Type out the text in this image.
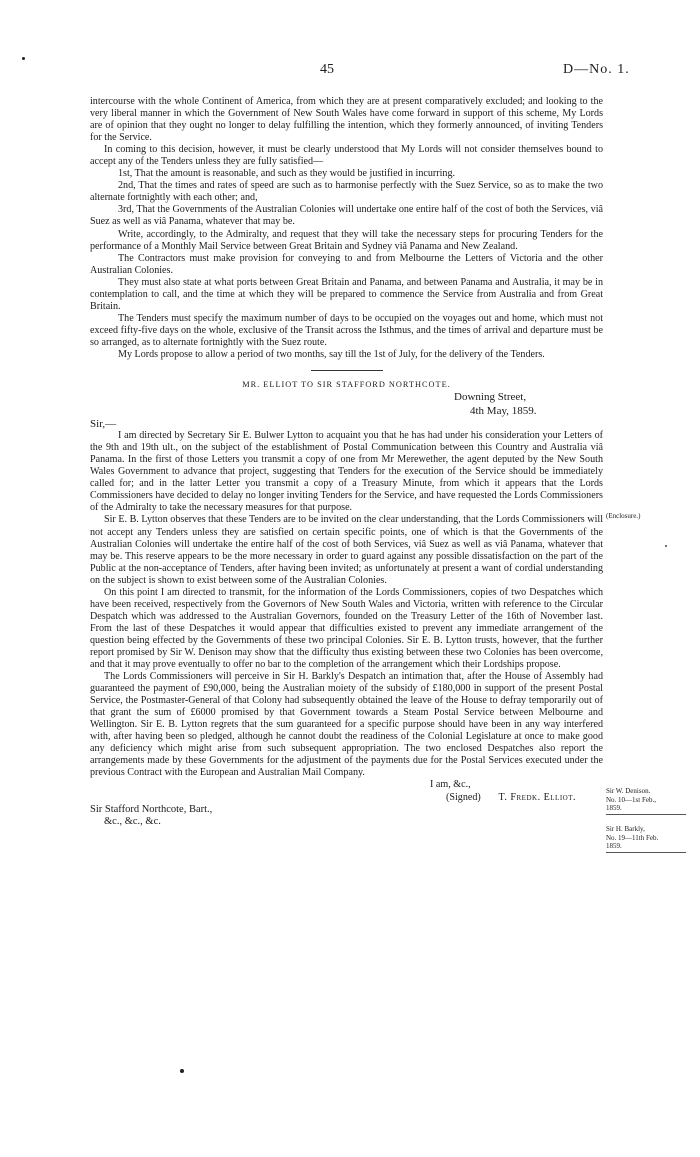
45	D—No. 1.

intercourse with the whole Continent of America, from which they are at present comparatively excluded; and looking to the very liberal manner in which the Government of New South Wales have come forward in support of this scheme, My Lords are of opinion that they ought no longer to delay fulfilling the intention, which they formerly announced, of inviting Tenders for the Service.

In coming to this decision, however, it must be clearly understood that My Lords will not consider themselves bound to accept any of the Tenders unless they are fully satisfied—

1st, That the amount is reasonable, and such as they would be justified in incurring.

2nd, That the times and rates of speed are such as to harmonise perfectly with the Suez Service, so as to make the two alternate fortnightly with each other; and,

3rd, That the Governments of the Australian Colonies will undertake one entire half of the cost of both the Services, viâ Suez as well as viâ Panama, whatever that may be.

Write, accordingly, to the Admiralty, and request that they will take the necessary steps for procuring Tenders for the performance of a Monthly Mail Service between Great Britain and Sydney viâ Panama and New Zealand.

The Contractors must make provision for conveying to and from Melbourne the Letters of Victoria and the other Australian Colonies.

They must also state at what ports between Great Britain and Panama, and between Panama and Australia, it may be in contemplation to call, and the time at which they will be prepared to commence the Service from Australia and from Great Britain.

The Tenders must specify the maximum number of days to be occupied on the voyages out and home, which must not exceed fifty-five days on the whole, exclusive of the Transit across the Isthmus, and the times of arrival and departure must be so arranged, as to alternate fortnightly with the Suez route.

My Lords propose to allow a period of two months, say till the 1st of July, for the delivery of the Tenders.

MR. ELLIOT TO SIR STAFFORD NORTHCOTE.

Downing Street,

4th May, 1859.

Sir,—

I am directed by Secretary Sir E. Bulwer Lytton to acquaint you that he has had under his consideration your Letters of the 9th and 19th ult., on the subject of the establishment of Postal Communication between this Country and Australia viâ Panama. In the first of those Letters you transmit a copy of one from Mr Merewether, the agent deputed by the New South Wales Government to advance that project, suggesting that Tenders for the execution of the Service should be immediately called for; and in the latter Letter you transmit a copy of a Treasury Minute, from which it appears that the Lords Commissioners have decided to delay no longer inviting Tenders for the Service, and have requested the Lords Commissioners of the Admiralty to take the necessary measures for that purpose.

Sir E. B. Lytton observes that these Tenders are to be invited on the clear understanding, that the Lords Commissioners will not accept any Tenders unless they are satisfied on certain specific points, one of which is that the Governments of the Australian Colonies will undertake the entire half of the cost of both Services, viâ Suez as well as viâ Panama, whatever that may be. This reserve appears to be the more necessary in order to guard against any possible dissatisfaction on the part of the Public at the non-acceptance of Tenders, after having been invited; as unfortunately at present a want of cordial understanding on the subject is shown to exist between some of the Australian Colonies.

On this point I am directed to transmit, for the information of the Lords Commissioners, copies of two Despatches which have been received, respectively from the Governors of New South Wales and Victoria, written with reference to the Circular Despatch which was addressed to the Australian Governors, founded on the Treasury Letter of the 16th of November last. From the last of these Despatches it would appear that difficulties existed to prevent any immediate arrangement of the question being effected by the Governments of these two principal Colonies. Sir E. B. Lytton trusts, however, that the further report promised by Sir W. Denison may show that the difficulty thus existing between these two Colonies has been overcome, and that it may prove eventually to offer no bar to the completion of the arrangement which their Lordships propose.

The Lords Commissioners will perceive in Sir H. Barkly's Despatch an intimation that, after the House of Assembly had guaranteed the payment of £90,000, being the Australian moiety of the subsidy of £180,000 in support of the present Postal Service, the Postmaster-General of that Colony had subsequently obtained the leave of the House to defray temporarily out of that grant the sum of £6000 promised by that Government towards a Steam Postal Service between Melbourne and Wellington. Sir E. B. Lytton regrets that the sum guaranteed for a specific purpose should have been in any way interfered with, after having been so pledged, although he cannot doubt the readiness of the Colonial Legislature at once to make good any deficiency which might arise from such subsequent appropriation. The two enclosed Despatches also report the arrangements made by these Governments for the adjustment of the payments due for the Postal Services executed under the previous Contract with the European and Australian Mail Company.

I am, &c.,

(Signed) T. Fredk. Elliot.

Sir Stafford Northcote, Bart.,

&c., &c., &c.

(Enclosure.)
Sir W. Denison.
No. 10—1st Feb.,
1859.
Sir H. Barkly,
No. 19—11th Feb.
1859.
